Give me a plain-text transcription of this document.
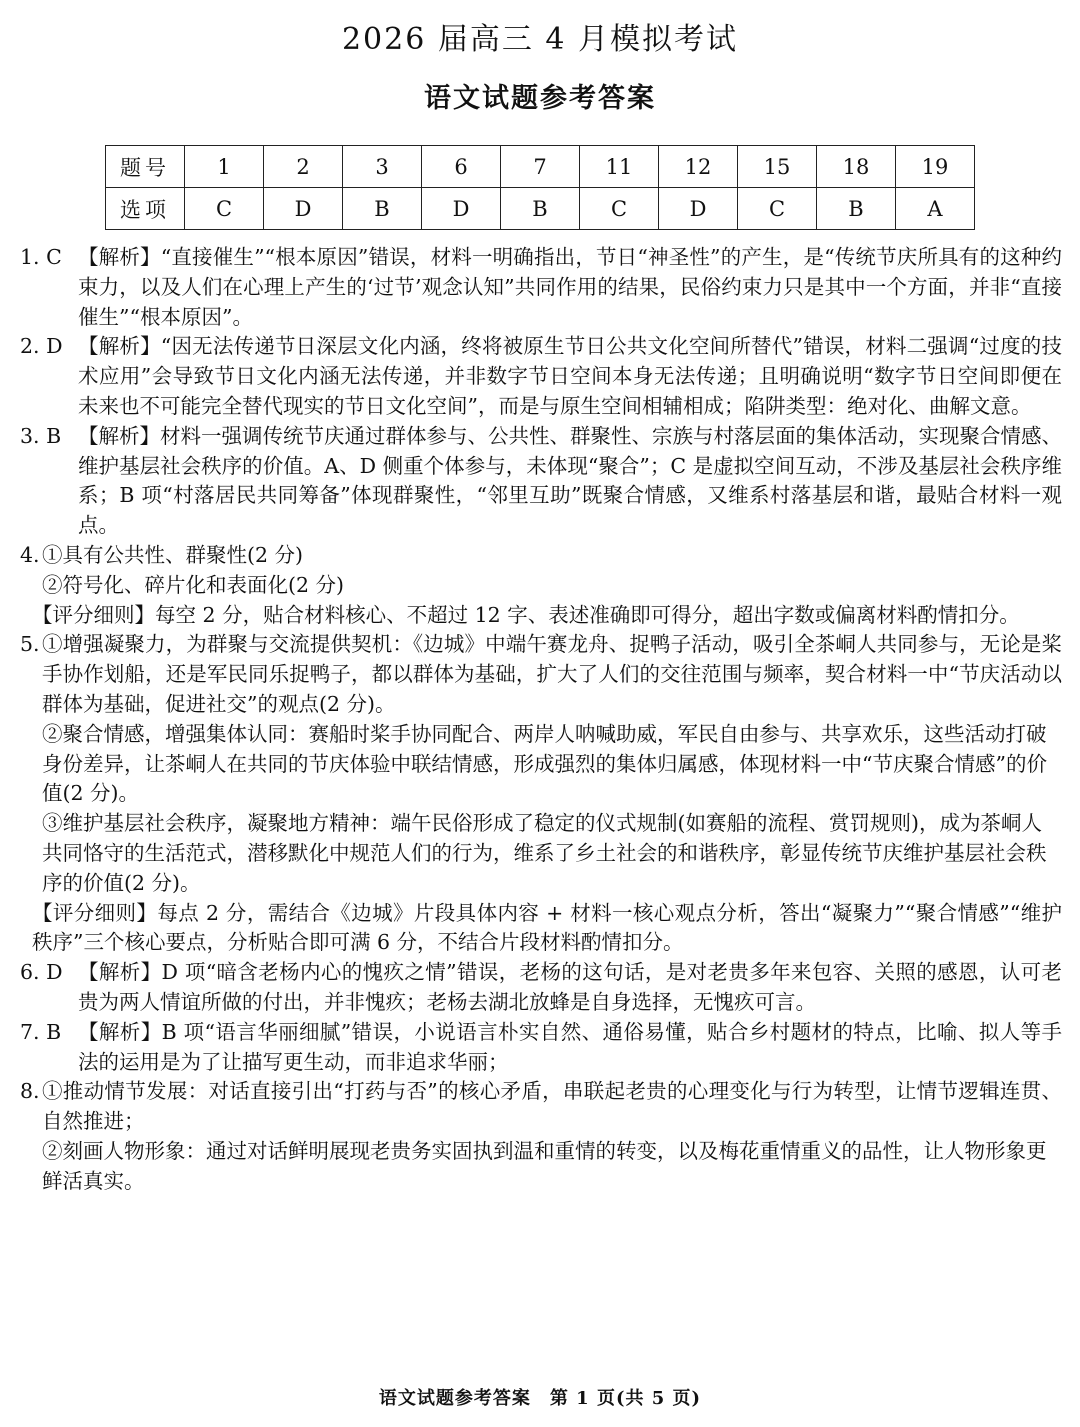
2026 届高三 4 月模拟考试
语文试题参考答案
题号	1	2	3	6	7	11	12	15	18	19
选项	C	D	B	D	B	C	D	C	B	A
1. C 【解析】“直接催生”“根本原因”错误，材料一明确指出，节日“神圣性”的产生，是“传统节庆所具有的这种约束力，以及人们在心理上产生的‘过节’观念认知”共同作用的结果，民俗约束力只是其中一个方面，并非“直接催生”“根本原因”。
2. D 【解析】“因无法传递节日深层文化内涵，终将被原生节日公共文化空间所替代”错误，材料二强调“过度的技术应用”会导致节日文化内涵无法传递，并非数字节日空间本身无法传递；且明确说明“数字节日空间即便在未来也不可能完全替代现实的节日文化空间”，而是与原生空间相辅相成；陷阱类型：绝对化、曲解文意。
3. B 【解析】材料一强调传统节庆通过群体参与、公共性、群聚性、宗族与村落层面的集体活动，实现聚合情感、维护基层社会秩序的价值。A、D 侧重个体参与，未体现“聚合”；C 是虚拟空间互动，不涉及基层社会秩序维系；B 项“村落居民共同筹备”体现群聚性，“邻里互助”既聚合情感，又维系村落基层和谐，最贴合材料一观点。
4. ①具有公共性、群聚性(2 分)
②符号化、碎片化和表面化(2 分)
【评分细则】每空 2 分，贴合材料核心、不超过 12 字、表述准确即可得分，超出字数或偏离材料酌情扣分。
5. ①增强凝聚力，为群聚与交流提供契机：《边城》中端午赛龙舟、捉鸭子活动，吸引全茶峒人共同参与，无论是桨手协作划船，还是军民同乐捉鸭子，都以群体为基础，扩大了人们的交往范围与频率，契合材料一中“节庆活动以群体为基础，促进社交”的观点(2 分)。
②聚合情感，增强集体认同：赛船时桨手协同配合、两岸人呐喊助威，军民自由参与、共享欢乐，这些活动打破身份差异，让茶峒人在共同的节庆体验中联结情感，形成强烈的集体归属感，体现材料一中“节庆聚合情感”的价值(2 分)。
③维护基层社会秩序，凝聚地方精神：端午民俗形成了稳定的仪式规制(如赛船的流程、赏罚规则)，成为茶峒人共同恪守的生活范式，潜移默化中规范人们的行为，维系了乡土社会的和谐秩序，彰显传统节庆维护基层社会秩序的价值(2 分)。
【评分细则】每点 2 分，需结合《边城》片段具体内容 + 材料一核心观点分析，答出“凝聚力”“聚合情感”“维护秩序”三个核心要点，分析贴合即可满 6 分，不结合片段材料酌情扣分。
6. D 【解析】D 项“暗含老杨内心的愧疚之情”错误，老杨的这句话，是对老贵多年来包容、关照的感恩，认可老贵为两人情谊所做的付出，并非愧疚；老杨去湖北放蜂是自身选择，无愧疚可言。
7. B 【解析】B 项“语言华丽细腻”错误，小说语言朴实自然、通俗易懂，贴合乡村题材的特点，比喻、拟人等手法的运用是为了让描写更生动，而非追求华丽；
8. ①推动情节发展：对话直接引出“打药与否”的核心矛盾，串联起老贵的心理变化与行为转型，让情节逻辑连贯、自然推进；
②刻画人物形象：通过对话鲜明展现老贵务实固执到温和重情的转变，以及梅花重情重义的品性，让人物形象更鲜活真实。
语文试题参考答案　第 1 页(共 5 页)
